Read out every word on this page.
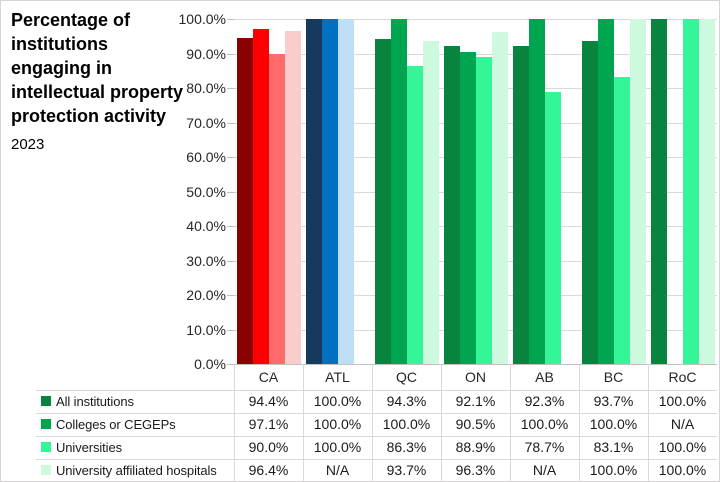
Percentage of
institutions
engaging in
intellectual property
protection activity
2023
0.0%
10.0%
20.0%
30.0%
40.0%
50.0%
60.0%
70.0%
80.0%
90.0%
100.0%
CA	ATL	QC	ON	AB	BC	RoC
All institutions	94.4%	100.0%	94.3%	92.1%	92.3%	93.7%	100.0%
Colleges or CEGEPs	97.1%	100.0%	100.0%	90.5%	100.0%	100.0%	N/A
Universities	90.0%	100.0%	86.3%	88.9%	78.7%	83.1%	100.0%
University affiliated hospitals	96.4%	N/A	93.7%	96.3%	N/A	100.0%	100.0%
